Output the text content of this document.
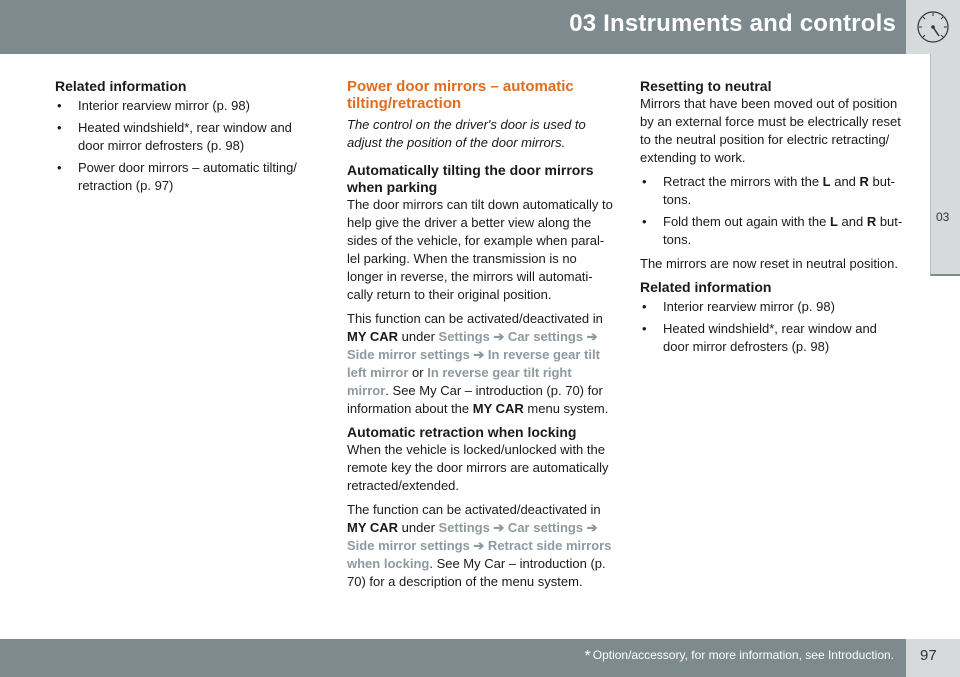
03 Instruments and controls
03
Related information
• Interior rearview mirror (p. 98)
• Heated windshield*, rear window and door mirror defrosters (p. 98)
• Power door mirrors – automatic tilting/ retraction (p. 97)
Power door mirrors – automatic tilting/retraction

The control on the driver's door is used to adjust the position of the door mirrors.

Automatically tilting the door mirrors when parking

The door mirrors can tilt down automatically to help give the driver a better view along the sides of the vehicle, for example when paral-lel parking. When the transmission is no longer in reverse, the mirrors will automati-cally return to their original position.

This function can be activated/deactivated in
MY CAR under Settings ➔ Car settings ➔ Side mirror settings ➔ In reverse gear tilt left mirror or In reverse gear tilt right mirror. See My Car – introduction (p. 70) for information about the MY CAR menu system.

Automatic retraction when locking

When the vehicle is locked/unlocked with the remote key the door mirrors are automatically retracted/extended.

The function can be activated/deactivated in
MY CAR under Settings ➔ Car settings ➔ Side mirror settings ➔ Retract side mirrors when locking. See My Car – introduction (p. 70) for a description of the menu system.

Resetting to neutral

Mirrors that have been moved out of position by an external force must be electrically reset to the neutral position for electric retracting/ extending to work.

• Retract the mirrors with the L and R but-tons.
• Fold them out again with the L and R but-tons.

The mirrors are now reset in neutral position.

Related information
• Interior rearview mirror (p. 98)
• Heated windshield*, rear window and door mirror defrosters (p. 98)
* Option/accessory, for more information, see Introduction. 97
